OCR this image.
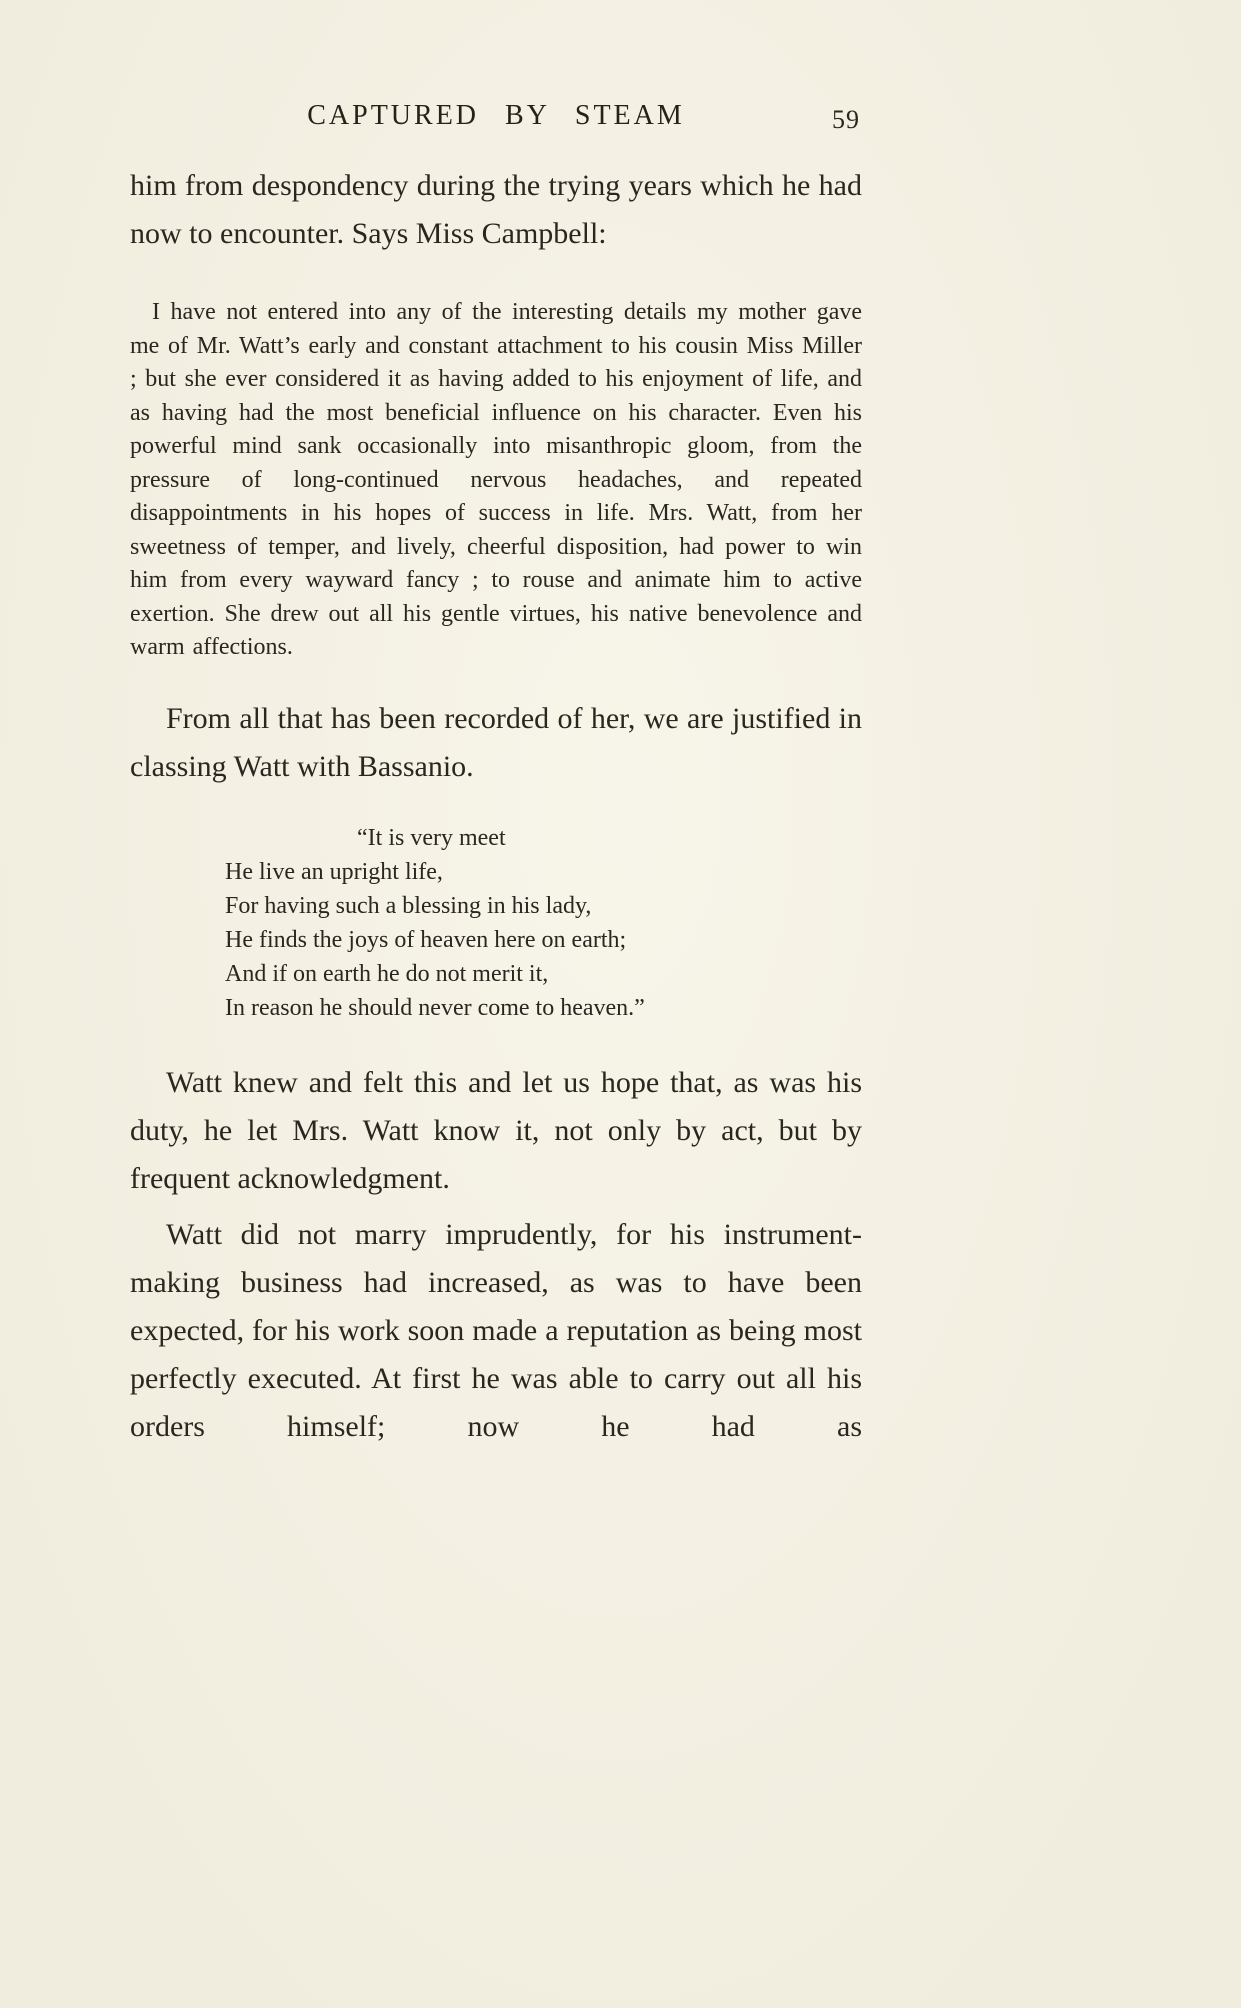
CAPTURED BY STEAM	59

him from despondency during the trying years which he had now to encounter. Says Miss Campbell:

I have not entered into any of the interesting details my mother gave me of Mr. Watt’s early and constant attachment to his cousin Miss Miller ; but she ever considered it as having added to his enjoyment of life, and as having had the most beneficial influence on his character. Even his powerful mind sank occasionally into misanthropic gloom, from the pressure of long-continued nervous headaches, and repeated disappointments in his hopes of success in life. Mrs. Watt, from her sweetness of temper, and lively, cheerful disposition, had power to win him from every wayward fancy ; to rouse and animate him to active exertion. She drew out all his gentle virtues, his native benevolence and warm affections.

From all that has been recorded of her, we are justified in classing Watt with Bassanio.

“It is very meet
He live an upright life,
For having such a blessing in his lady,
He finds the joys of heaven here on earth;
And if on earth he do not merit it,
In reason he should never come to heaven.”

Watt knew and felt this and let us hope that, as was his duty, he let Mrs. Watt know it, not only by act, but by frequent acknowledgment.

Watt did not marry imprudently, for his instrument-making business had increased, as was to have been expected, for his work soon made a reputation as being most perfectly executed. At first he was able to carry out all his orders himself; now he had as
